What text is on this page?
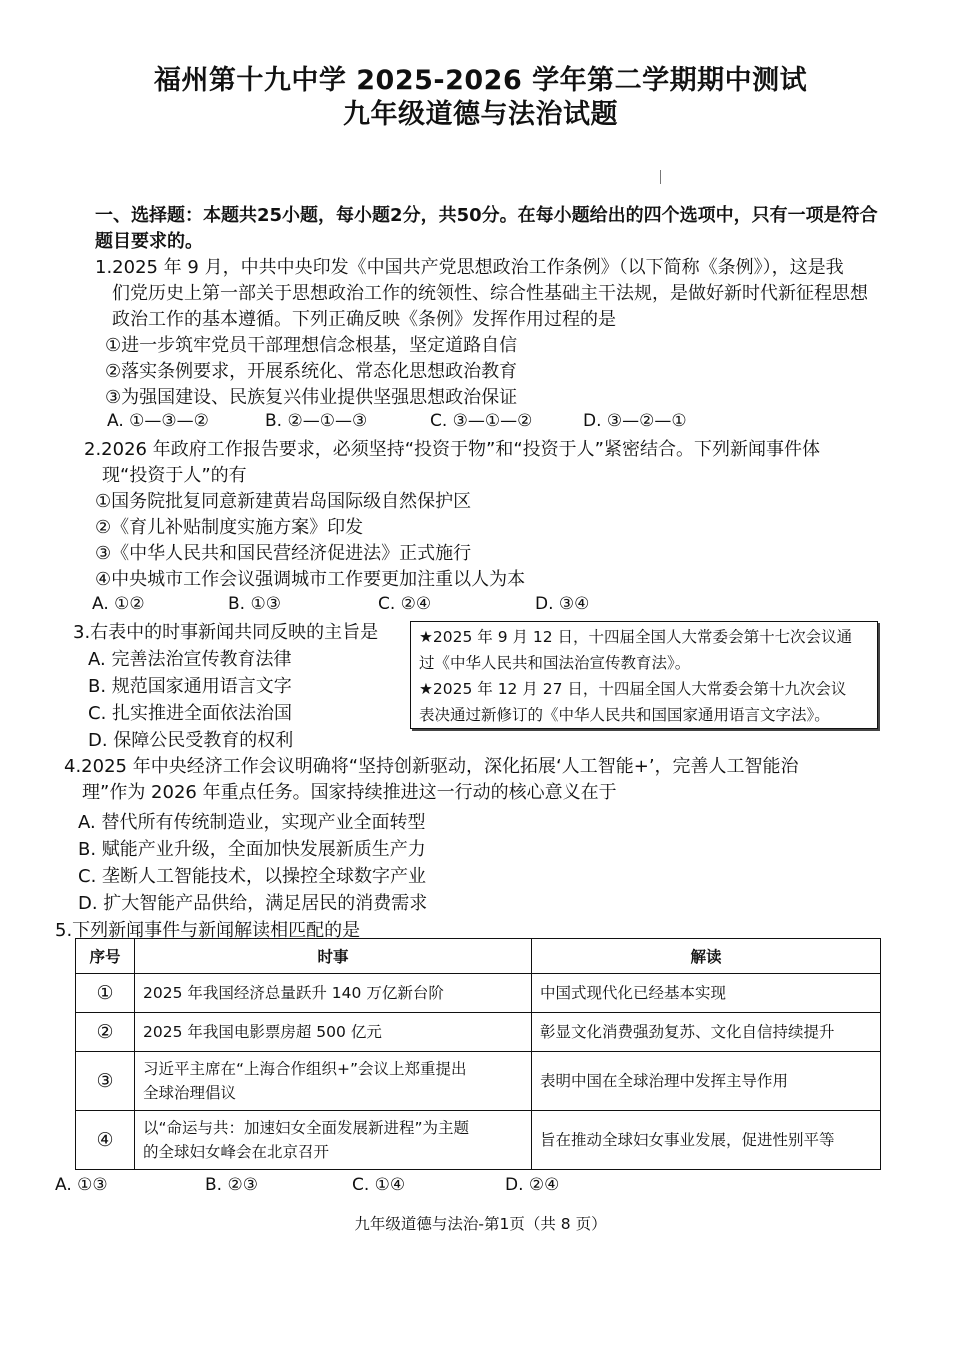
福州第十九中学 2025-2026 学年第二学期期中测试
九年级道德与法治试题
一、选择题：本题共25小题，每小题2分，共50分。在每小题给出的四个选项中，只有一项是符合
题目要求的。
1.2025 年 9 月，中共中央印发《中国共产党思想政治工作条例》（以下简称《条例》），这是我
们党历史上第一部关于思想政治工作的统领性、综合性基础主干法规，是做好新时代新征程思想
政治工作的基本遵循。下列正确反映《条例》发挥作用过程的是
①进一步筑牢党员干部理想信念根基，坚定道路自信
②落实条例要求，开展系统化、常态化思想政治教育
③为强国建设、民族复兴伟业提供坚强思想政治保证
A. ①—③—②	B. ②—①—③	C. ③—①—②	D. ③—②—①
2.2026 年政府工作报告要求，必须坚持“投资于物”和“投资于人”紧密结合。下列新闻事件体
现“投资于人”的有
①国务院批复同意新建黄岩岛国际级自然保护区
②《育儿补贴制度实施方案》印发
③《中华人民共和国民营经济促进法》正式施行
④中央城市工作会议强调城市工作要更加注重以人为本
A. ①②	B. ①③	C. ②④	D. ③④
3.右表中的时事新闻共同反映的主旨是
A. 完善法治宣传教育法律
B. 规范国家通用语言文字
C. 扎实推进全面依法治国
D. 保障公民受教育的权利
★2025 年 9 月 12 日，十四届全国人大常委会第十七次会议通
过《中华人民共和国法治宣传教育法》。
★2025 年 12 月 27 日，十四届全国人大常委会第十九次会议
表决通过新修订的《中华人民共和国国家通用语言文字法》。
4.2025 年中央经济工作会议明确将“坚持创新驱动，深化拓展‘人工智能+’，完善人工智能治
理”作为 2026 年重点任务。国家持续推进这一行动的核心意义在于
A. 替代所有传统制造业，实现产业全面转型
B. 赋能产业升级，全面加快发展新质生产力
C. 垄断人工智能技术，以操控全球数字产业
D. 扩大智能产品供给，满足居民的消费需求
5.下列新闻事件与新闻解读相匹配的是
序号	时事	解读
①	2025 年我国经济总量跃升 140 万亿新台阶	中国式现代化已经基本实现
②	2025 年我国电影票房超 500 亿元	彰显文化消费强劲复苏、文化自信持续提升
③	习近平主席在“上海合作组织+”会议上郑重提出
全球治理倡议	表明中国在全球治理中发挥主导作用
④	以“命运与共：加速妇女全面发展新进程”为主题
的全球妇女峰会在北京召开	旨在推动全球妇女事业发展，促进性别平等
A. ①③	B. ②③	C. ①④	D. ②④
九年级道德与法治-第1页（共 8 页）
